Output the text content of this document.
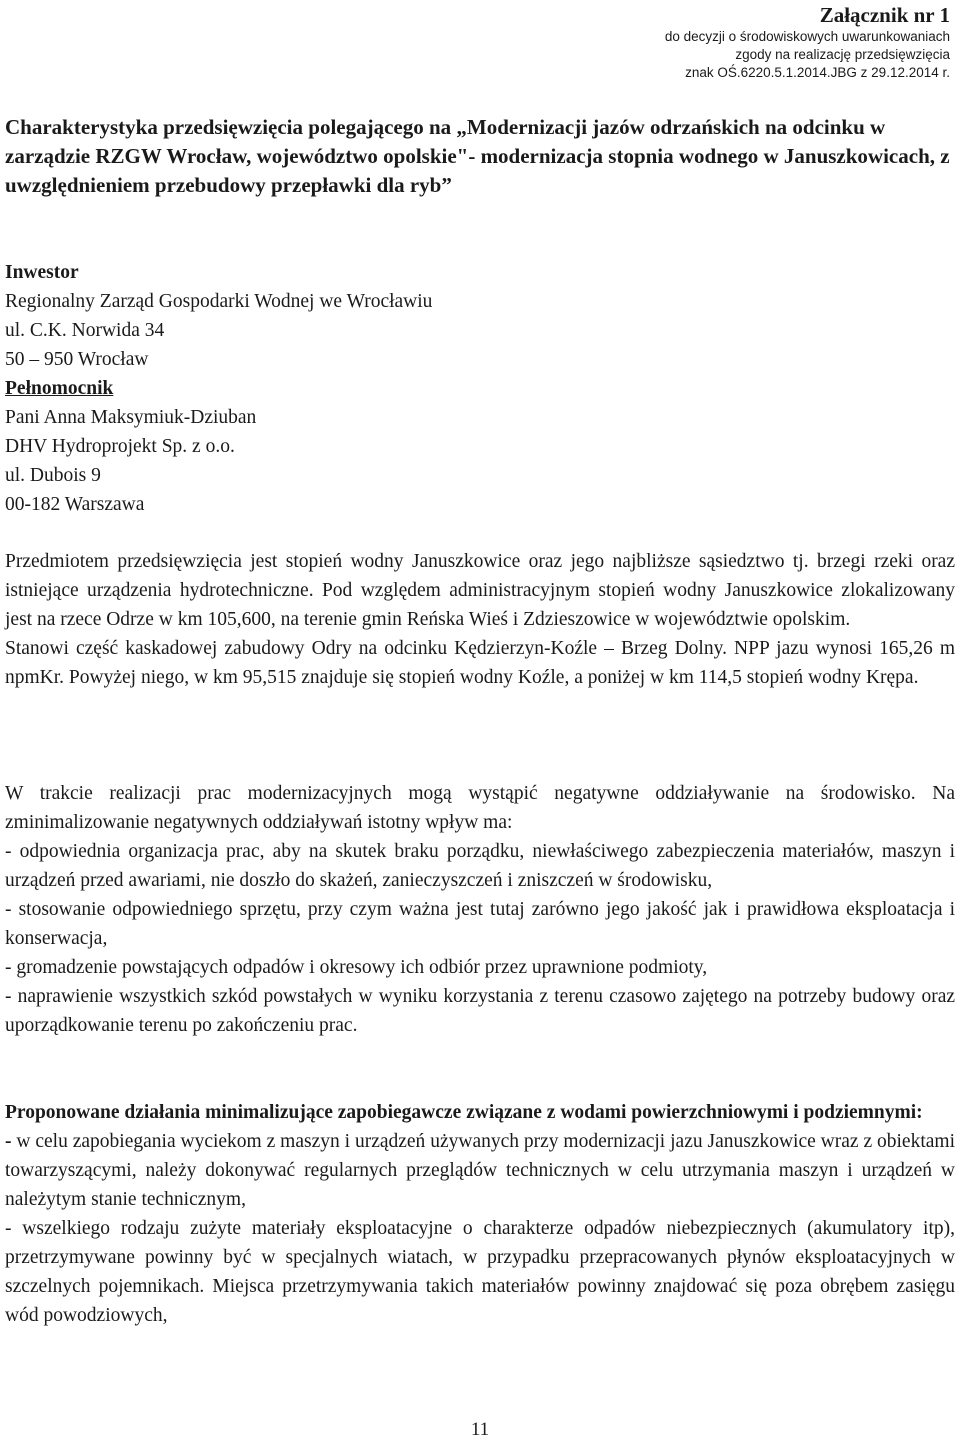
Załącznik nr 1

do decyzji o środowiskowych uwarunkowaniach

zgody na realizację przedsięwzięcia

znak OŚ.6220.5.1.2014.JBG z 29.12.2014 r.

Charakterystyka przedsięwzięcia polegającego na „Modernizacji jazów odrzańskich na odcinku w zarządzie RZGW Wrocław, województwo opolskie"- modernizacja stopnia wodnego w Januszkowicach, z uwzględnieniem przebudowy przepławki dla ryb”

Inwestor

Regionalny Zarząd Gospodarki Wodnej we Wrocławiu

ul. C.K. Norwida 34

50 – 950 Wrocław

Pełnomocnik

Pani Anna Maksymiuk-Dziuban

DHV Hydroprojekt Sp. z o.o.

ul. Dubois 9

00-182 Warszawa

Przedmiotem przedsięwzięcia jest stopień wodny Januszkowice oraz jego najbliższe sąsiedztwo tj. brzegi rzeki oraz istniejące urządzenia hydrotechniczne. Pod względem administracyjnym stopień wodny Januszkowice zlokalizowany jest na rzece Odrze w km 105,600, na terenie gmin Reńska Wieś i Zdzieszowice w województwie opolskim.

Stanowi część kaskadowej zabudowy Odry na odcinku Kędzierzyn-Koźle – Brzeg Dolny. NPP jazu wynosi 165,26 m npmKr. Powyżej niego, w km 95,515 znajduje się stopień wodny Koźle, a poniżej w km 114,5 stopień wodny Krępa.

W trakcie realizacji prac modernizacyjnych mogą wystąpić negatywne oddziaływanie na środowisko. Na zminimalizowanie negatywnych oddziaływań istotny wpływ ma:

- odpowiednia organizacja prac, aby na skutek braku porządku, niewłaściwego zabezpieczenia materiałów, maszyn i urządzeń przed awariami, nie doszło do skażeń, zanieczyszczeń i zniszczeń w środowisku,

- stosowanie odpowiedniego sprzętu, przy czym ważna jest tutaj zarówno jego jakość jak i prawidłowa eksploatacja i konserwacja,

- gromadzenie powstających odpadów i okresowy ich odbiór przez uprawnione podmioty,

- naprawienie wszystkich szkód powstałych w wyniku korzystania z terenu czasowo zajętego na potrzeby budowy oraz uporządkowanie terenu po zakończeniu prac.

Proponowane działania minimalizujące zapobiegawcze związane z wodami powierzchniowymi i podziemnymi:

- w celu zapobiegania wyciekom z maszyn i urządzeń używanych przy modernizacji jazu Januszkowice wraz z obiektami towarzyszącymi, należy dokonywać regularnych przeglądów technicznych w celu utrzymania maszyn i urządzeń w należytym stanie technicznym,

- wszelkiego rodzaju zużyte materiały eksploatacyjne o charakterze odpadów niebezpiecznych (akumulatory itp), przetrzymywane powinny być w specjalnych wiatach, w przypadku przepracowanych płynów eksploatacyjnych w szczelnych pojemnikach. Miejsca przetrzymywania takich materiałów powinny znajdować się poza obrębem zasięgu wód powodziowych,

11
